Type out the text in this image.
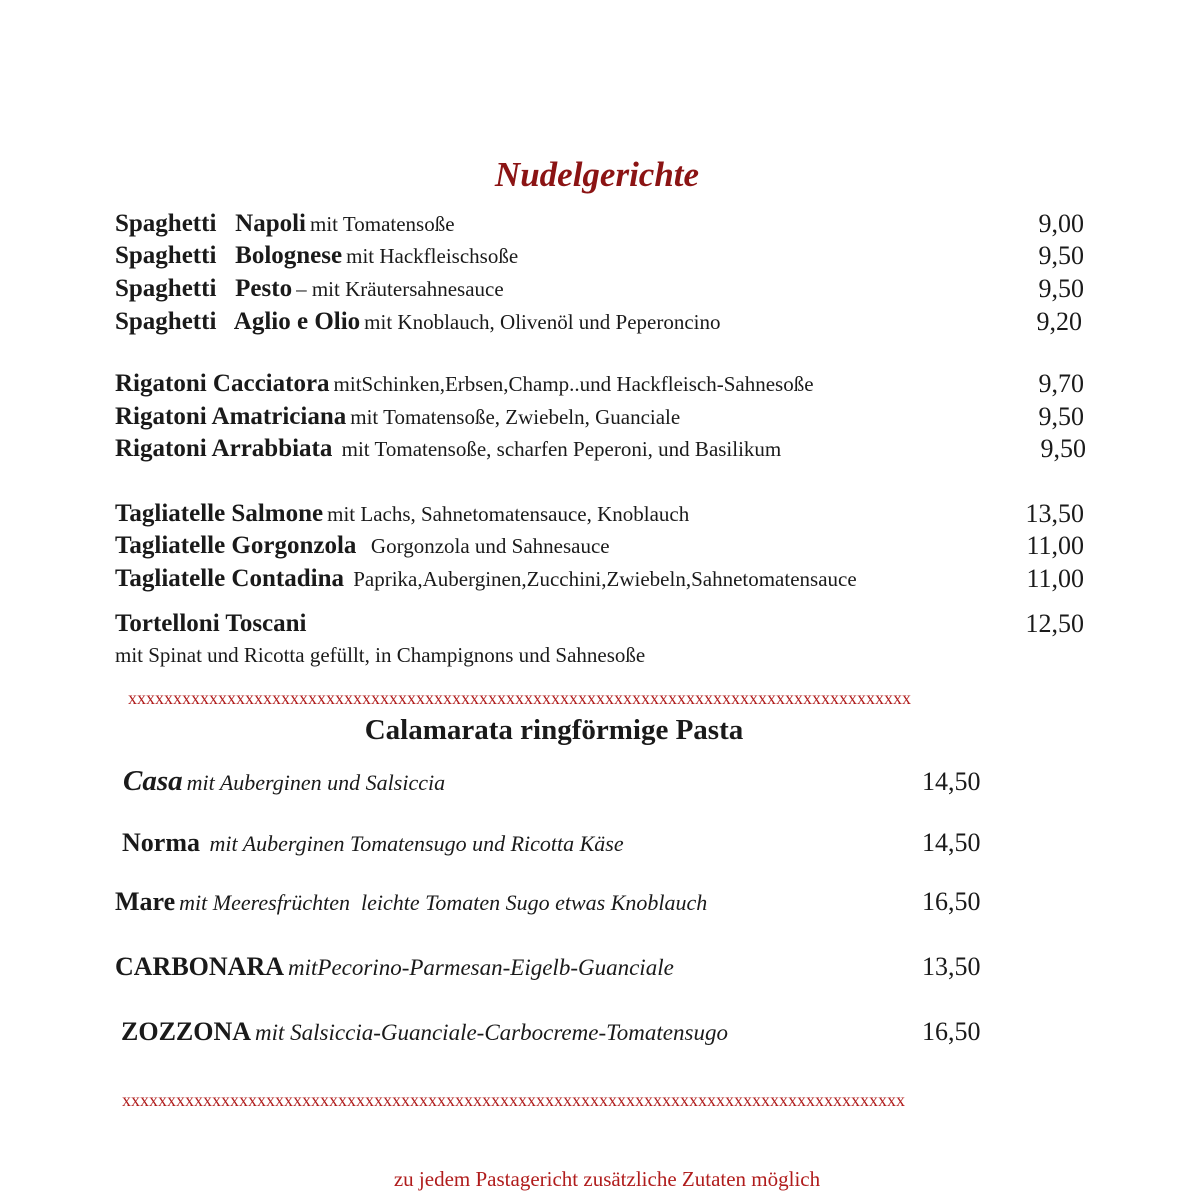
Nudelgerichte
Spaghetti   Napoli mit Tomatensoße	9,00
Spaghetti   Bolognese mit Hackfleischsoße	9,50
Spaghetti   Pesto – mit Kräutersahnesauce	9,50
Spaghetti   Aglio e Olio mit Knoblauch, Olivenöl und Peperoncino	9,20
Rigatoni Cacciatora mitSchinken,Erbsen,Champ..und Hackfleisch-Sahnesoße	9,70
Rigatoni Amatriciana mit Tomatensoße, Zwiebeln, Guanciale	9,50
Rigatoni Arrabbiata  mit Tomatensoße, scharfen Peperoni, und Basilikum	9,50
Tagliatelle Salmone mit Lachs, Sahnetomatensauce, Knoblauch	13,50
Tagliatelle Gorgonzola   Gorgonzola und Sahnesauce	11,00
Tagliatelle Contadina  Paprika,Auberginen,Zucchini,Zwiebeln,Sahnetomatensauce	11,00
Tortelloni Toscani	12,50
mit Spinat und Ricotta gefüllt, in Champignons und Sahnesoße
xxxxxxxxxxxxxxxxxxxxxxxxxxxxxxxxxxxxxxxxxxxxxxxxxxxxxxxxxxxxxxxxxxxxxxxxxxxxxxxxxxxxxxx
Calamarata ringförmige Pasta
Casa mit Auberginen und Salsiccia	14,50
Norma  mit Auberginen Tomatensugo und Ricotta Käse	14,50
Mare mit Meeresfrüchten  leichte Tomaten Sugo etwas Knoblauch	16,50
CARBONARA mitPecorino-Parmesan-Eigelb-Guanciale	13,50
ZOZZONA mit Salsiccia-Guanciale-Carbocreme-Tomatensugo	16,50
xxxxxxxxxxxxxxxxxxxxxxxxxxxxxxxxxxxxxxxxxxxxxxxxxxxxxxxxxxxxxxxxxxxxxxxxxxxxxxxxxxxxxxx
zu jedem Pastagericht zusätzliche Zutaten möglich
